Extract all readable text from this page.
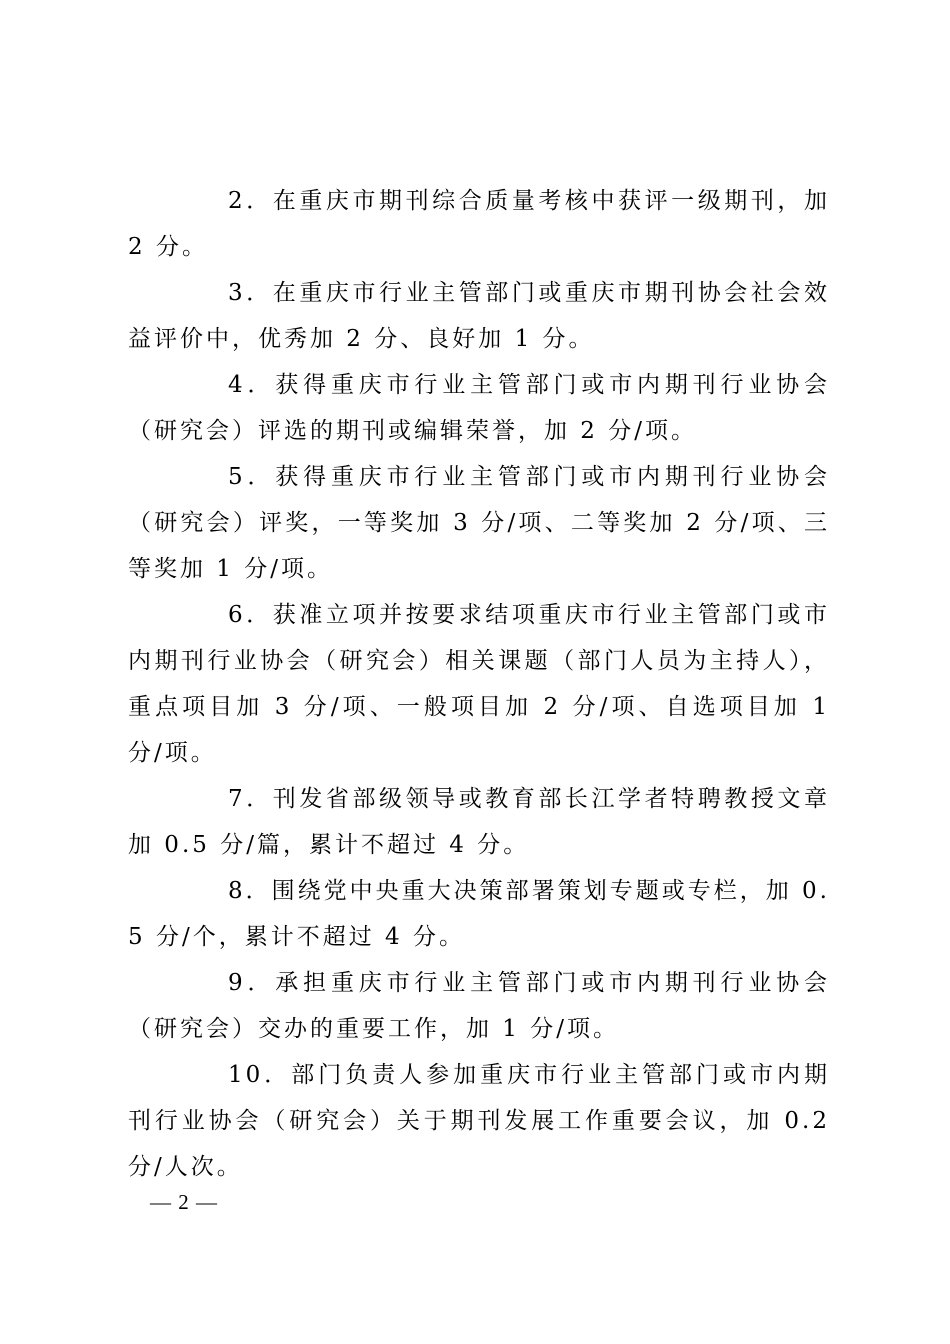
2．在重庆市期刊综合质量考核中获评一级期刊，加 2 分。

3．在重庆市行业主管部门或重庆市期刊协会社会效益评价中，优秀加 2 分、良好加 1 分。

4．获得重庆市行业主管部门或市内期刊行业协会（研究会）评选的期刊或编辑荣誉，加 2 分/项。

5．获得重庆市行业主管部门或市内期刊行业协会（研究会）评奖，一等奖加 3 分/项、二等奖加 2 分/项、三等奖加 1 分/项。

6．获准立项并按要求结项重庆市行业主管部门或市内期刊行业协会（研究会）相关课题（部门人员为主持人），重点项目加 3 分/项、一般项目加 2 分/项、自选项目加 1 分/项。

7．刊发省部级领导或教育部长江学者特聘教授文章加 0.5 分/篇，累计不超过 4 分。

8．围绕党中央重大决策部署策划专题或专栏，加 0.5 分/个，累计不超过 4 分。

9．承担重庆市行业主管部门或市内期刊行业协会（研究会）交办的重要工作，加 1 分/项。

10．部门负责人参加重庆市行业主管部门或市内期刊行业协会（研究会）关于期刊发展工作重要会议，加 0.2 分/人次。

— 2 —
